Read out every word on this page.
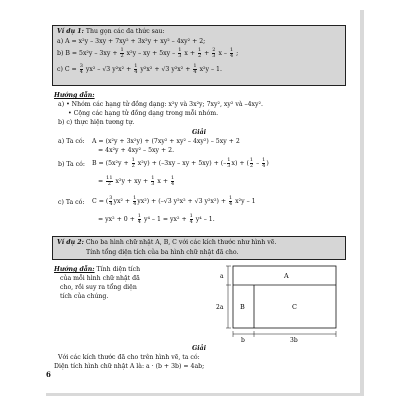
Ví dụ 1: Thu gọn các đa thức sau:
a) A = x²y – 3xy + 7xy² + 3x²y + xy² – 4xy² + 2;
b) $B = 5x^2y - 3xy + \frac{1}{2} x^2y$ – xy + $5xy - \frac{1}{3}$ $x + \frac{1}{2} + \frac{2}{3}$ x – $\frac{1}{4}$ ;
c) $C = \frac{3}{4} yx^2 - √3$ $y^2x^2 + \frac{1}{4} y^2x^2 + √3$ $y^2x^2 + \frac{1}{4} x^2y - 1$.
Hướng dẫn:
a) • Nhóm các hạng tử đồng dạng: x²y và 3x²y; 7xy², xy² và –4xy².
• Cộng các hạng tử đồng dạng trong mỗi nhóm.
b) c) thực hiện tương tự.
Giải
a) Ta có: A = (x²y + 3x²y) + (7xy² + xy² – 4xy²) – 5xy + 2
= 4x²y + 4xy² – 5xy + 2.
b) Ta có: $B = (5x^2y + \frac{1}{2} x^2y) + (-3xy$ – xy + 5xy) + (– $\frac{1}{3} x$) + ( $\frac{1}{2} - \frac{1}{4}$ )
= $\frac{11}{2} x^2y$ + xy + $\frac{1}{3}$ $x + \frac{1}{4}$
c) Ta có: C = ( $\frac{3}{4} yx^2 + \frac{1}{4} yx^2) + (-√3$ y²x² + √3 $y^2x^2) + \frac{1}{4} x^2y - 1$
= $yx^2 + 0 + \frac{1}{4} y^4 - 1 = yx^2 + \frac{1}{4} y^4 - 1$.
Ví dụ 2: Cho ba hình chữ nhật A, B, C với các kích thước như hình vẽ.
Tính tổng diện tích của ba hình chữ nhật đã cho.
Hướng dẫn: Tính diện tích
của mỗi hình chữ nhật đã
cho, rồi suy ra tổng diện
tích của chúng.
A
B	C
a
2a
b	3b
Giải
Với các kích thước đã cho trên hình vẽ, ta có:
Diện tích hình chữ nhật A là: a · (b + 3b) = 4ab;
6
